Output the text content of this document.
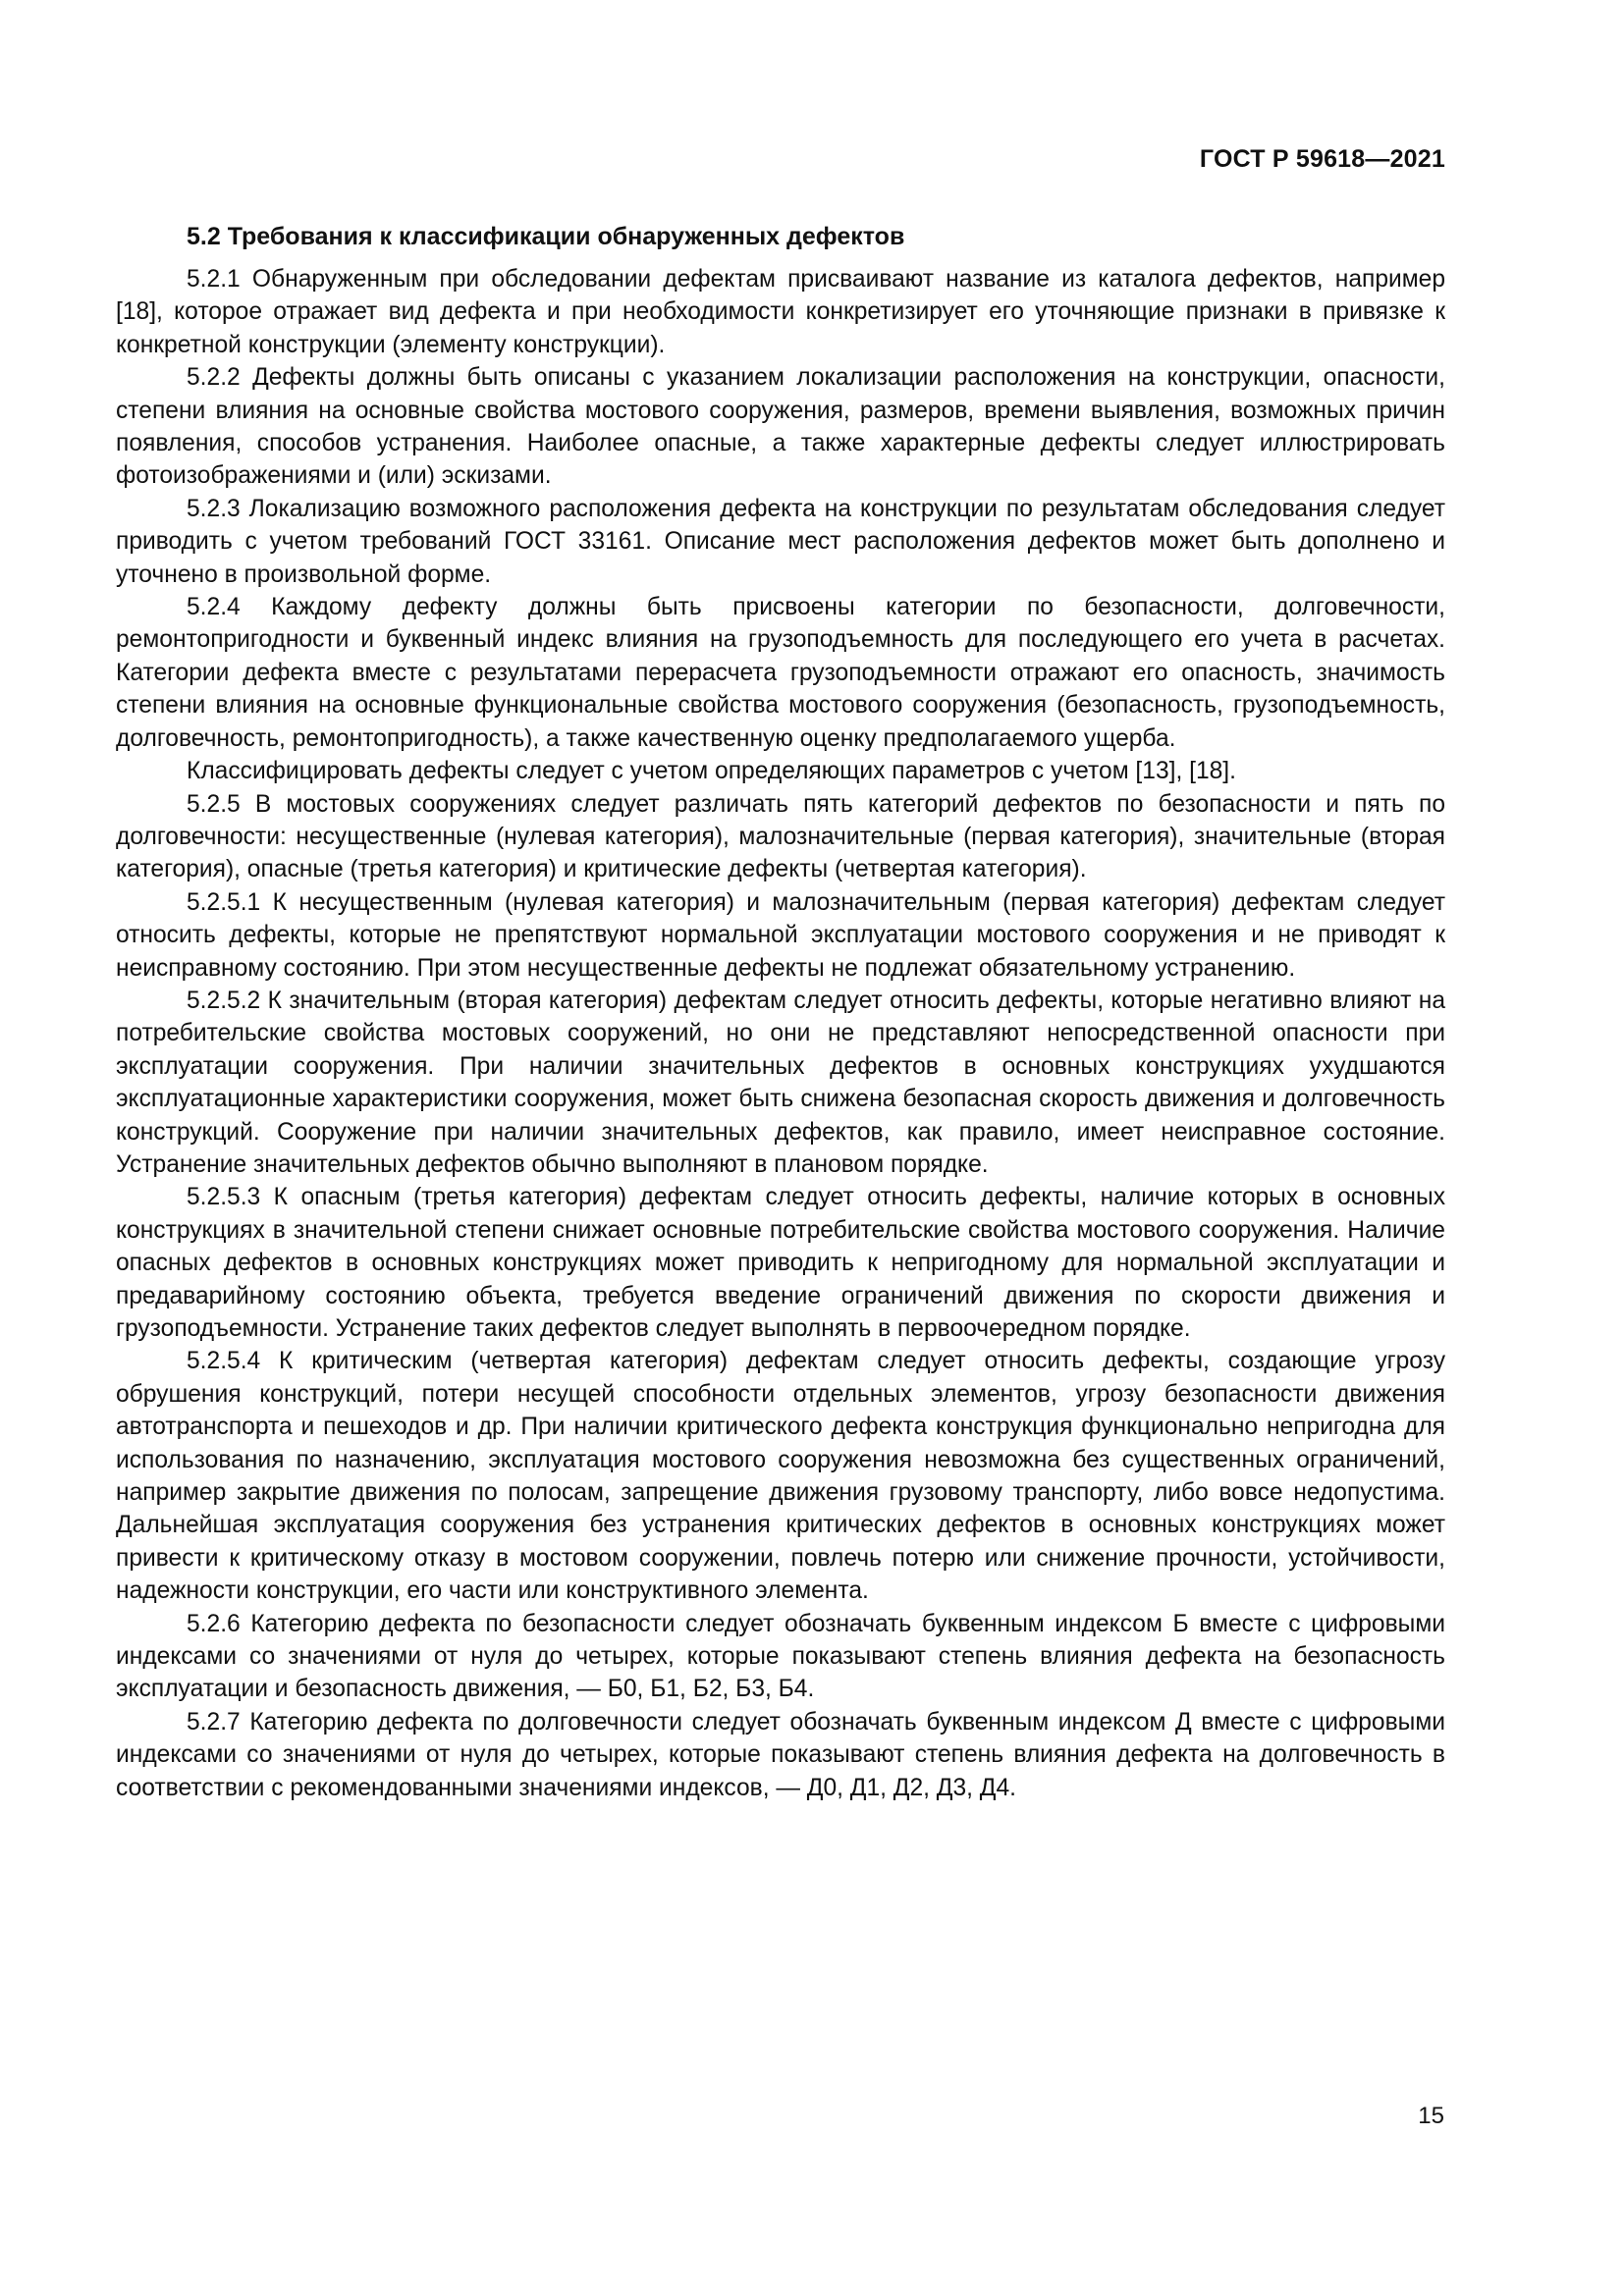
ГОСТ Р 59618—2021
5.2 Требования к классификации обнаруженных дефектов

5.2.1 Обнаруженным при обследовании дефектам присваивают название из каталога дефектов, например [18], которое отражает вид дефекта и при необходимости конкретизирует его уточняющие признаки в привязке к конкретной конструкции (элементу конструкции).

5.2.2 Дефекты должны быть описаны с указанием локализации расположения на конструкции, опасности, степени влияния на основные свойства мостового сооружения, размеров, времени выявления, возможных причин появления, способов устранения. Наиболее опасные, а также характерные дефекты следует иллюстрировать фотоизображениями и (или) эскизами.

5.2.3 Локализацию возможного расположения дефекта на конструкции по результатам обследования следует приводить с учетом требований ГОСТ 33161. Описание мест расположения дефектов может быть дополнено и уточнено в произвольной форме.

5.2.4 Каждому дефекту должны быть присвоены категории по безопасности, долговечности, ремонтопригодности и буквенный индекс влияния на грузоподъемность для последующего его учета в расчетах. Категории дефекта вместе с результатами перерасчета грузоподъемности отражают его опасность, значимость степени влияния на основные функциональные свойства мостового сооружения (безопасность, грузоподъемность, долговечность, ремонтопригодность), а также качественную оценку предполагаемого ущерба.

Классифицировать дефекты следует с учетом определяющих параметров с учетом [13], [18].

5.2.5 В мостовых сооружениях следует различать пять категорий дефектов по безопасности и пять по долговечности: несущественные (нулевая категория), малозначительные (первая категория), значительные (вторая категория), опасные (третья категория) и критические дефекты (четвертая категория).

5.2.5.1 К несущественным (нулевая категория) и малозначительным (первая категория) дефектам следует относить дефекты, которые не препятствуют нормальной эксплуатации мостового сооружения и не приводят к неисправному состоянию. При этом несущественные дефекты не подлежат обязательному устранению.

5.2.5.2 К значительным (вторая категория) дефектам следует относить дефекты, которые негативно влияют на потребительские свойства мостовых сооружений, но они не представляют непосредственной опасности при эксплуатации сооружения. При наличии значительных дефектов в основных конструкциях ухудшаются эксплуатационные характеристики сооружения, может быть снижена безопасная скорость движения и долговечность конструкций. Сооружение при наличии значительных дефектов, как правило, имеет неисправное состояние. Устранение значительных дефектов обычно выполняют в плановом порядке.

5.2.5.3 К опасным (третья категория) дефектам следует относить дефекты, наличие которых в основных конструкциях в значительной степени снижает основные потребительские свойства мостового сооружения. Наличие опасных дефектов в основных конструкциях может приводить к непригодному для нормальной эксплуатации и предаварийному состоянию объекта, требуется введение ограничений движения по скорости движения и грузоподъемности. Устранение таких дефектов следует выполнять в первоочередном порядке.

5.2.5.4 К критическим (четвертая категория) дефектам следует относить дефекты, создающие угрозу обрушения конструкций, потери несущей способности отдельных элементов, угрозу безопасности движения автотранспорта и пешеходов и др. При наличии критического дефекта конструкция функционально непригодна для использования по назначению, эксплуатация мостового сооружения невозможна без существенных ограничений, например закрытие движения по полосам, запрещение движения грузовому транспорту, либо вовсе недопустима. Дальнейшая эксплуатация сооружения без устранения критических дефектов в основных конструкциях может привести к критическому отказу в мостовом сооружении, повлечь потерю или снижение прочности, устойчивости, надежности конструкции, его части или конструктивного элемента.

5.2.6 Категорию дефекта по безопасности следует обозначать буквенным индексом Б вместе с цифровыми индексами со значениями от нуля до четырех, которые показывают степень влияния дефекта на безопасность эксплуатации и безопасность движения, — Б0, Б1, Б2, Б3, Б4.

5.2.7 Категорию дефекта по долговечности следует обозначать буквенным индексом Д вместе с цифровыми индексами со значениями от нуля до четырех, которые показывают степень влияния дефекта на долговечность в соответствии с рекомендованными значениями индексов, — Д0, Д1, Д2, Д3, Д4.

15
